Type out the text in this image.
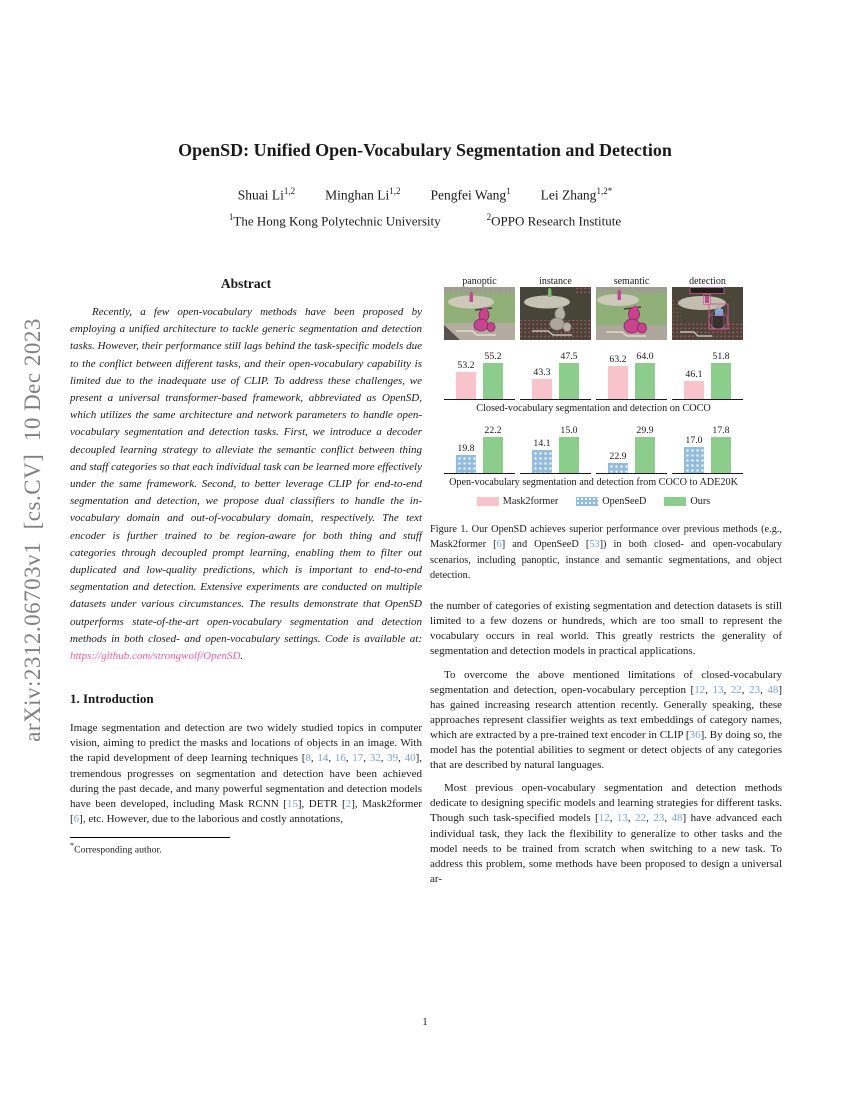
arXiv:2312.06703v1  [cs.CV]  10 Dec 2023
OpenSD: Unified Open-Vocabulary Segmentation and Detection
Shuai Li$^{1,2}$ Minghan Li$^{1,2}$ Pengfei Wang$^1$ Lei Zhang$^{1,2*}$
$^1$The Hong Kong Polytechnic University	$^2$OPPO Research Institute
Abstract

Recently, a few open-vocabulary methods have been proposed by employing a unified architecture to tackle generic segmentation and detection tasks. However, their performance still lags behind the task-specific models due to the conflict between different tasks, and their open-vocabulary capability is limited due to the inadequate use of CLIP. To address these challenges, we present a universal transformer-based framework, abbreviated as OpenSD, which utilizes the same architecture and network parameters to handle open-vocabulary segmentation and detection tasks. First, we introduce a decoder decoupled learning strategy to alleviate the semantic conflict between thing and staff categories so that each individual task can be learned more effectively under the same framework. Second, to better leverage CLIP for end-to-end segmentation and detection, we propose dual classifiers to handle the in-vocabulary domain and out-of-vocabulary domain, respectively. The text encoder is further trained to be region-aware for both thing and stuff categories through decoupled prompt learning, enabling them to filter out duplicated and low-quality predictions, which is important to end-to-end segmentation and detection. Extensive experiments are conducted on multiple datasets under various circumstances. The results demonstrate that OpenSD outperforms state-of-the-art open-vocabulary segmentation and detection methods in both closed- and open-vocabulary settings. Code is available at: https://github.com/strongwolf/OpenSD.

1. Introduction

Image segmentation and detection are two widely studied topics in computer vision, aiming to predict the masks and locations of objects in an image. With the rapid development of deep learning techniques [8, 14, 16, 17, 32, 39, 40], tremendous progresses on segmentation and detection have been achieved during the past decade, and many powerful segmentation and detection models have been developed, including Mask RCNN [15], DETR [2], Mask2former [6], etc. However, due to the laborious and costly annotations,

*Corresponding author.
panoptic	instance	semantic	detection
53.2
55.2
43.3
47.5	63.2 64.0
46.1
51.8
Closed-vocabulary segmentation and detection on COCO
19.8
22.2
14.1
15.0
22.9
29.9
17.0
17.8
Open-vocabulary segmentation and detection from COCO to ADE20K
Mask2former	OpenSeeD	Ours
Figure 1. Our OpenSD achieves superior performance over previous methods (e.g., Mask2former [6] and OpenSeeD [53]) in both closed- and open-vocabulary scenarios, including panoptic, instance and semantic segmentations, and object detection.

the number of categories of existing segmentation and detection datasets is still limited to a few dozens or hundreds, which are too small to represent the vocabulary occurs in real world. This greatly restricts the generality of segmentation and detection models in practical applications.

To overcome the above mentioned limitations of closed-vocabulary segmentation and detection, open-vocabulary perception [12, 13, 22, 23, 48] has gained increasing research attention recently. Generally speaking, these approaches represent classifier weights as text embeddings of category names, which are extracted by a pre-trained text encoder in CLIP [36]. By doing so, the model has the potential abilities to segment or detect objects of any categories that are described by natural languages.

Most previous open-vocabulary segmentation and detection methods dedicate to designing specific models and learning strategies for different tasks. Though such task-specified models [12, 13, 22, 23, 48] have advanced each individual task, they lack the flexibility to generalize to other tasks and the model needs to be trained from scratch when switching to a new task. To address this problem, some methods have been proposed to design a universal ar-

1
